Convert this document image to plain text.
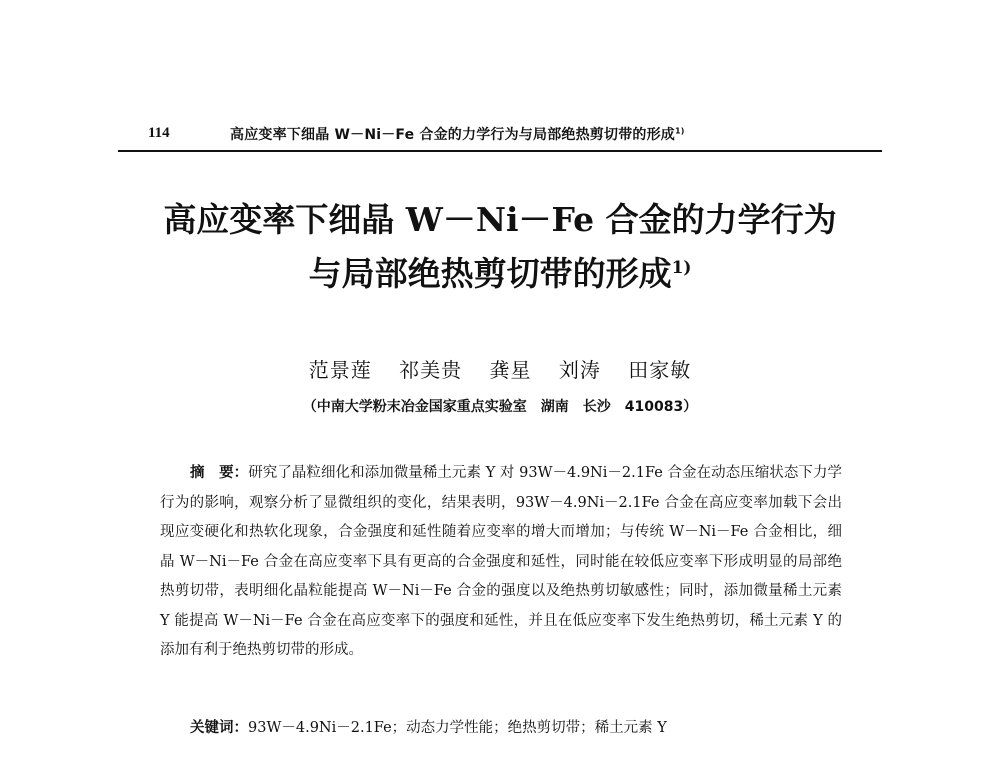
114	高应变率下细晶 W－Ni－Fe 合金的力学行为与局部绝热剪切带的形成$^{1)}$
高应变率下细晶 W－Ni－Fe 合金的力学行为
与局部绝热剪切带的形成$^{1)}$
范景莲 祁美贵 龚星 刘涛 田家敏
（中南大学粉末冶金国家重点实验室　湖南　长沙　410083）
摘　要：研究了晶粒细化和添加微量稀土元素 Y 对 93W－4.9Ni－2.1Fe 合金在动态压缩状态下力学行为的影响，观察分析了显微组织的变化，结果表明，93W－4.9Ni－2.1Fe 合金在高应变率加载下会出现应变硬化和热软化现象，合金强度和延性随着应变率的增大而增加；与传统 W－Ni－Fe 合金相比，细晶 W－Ni－Fe 合金在高应变率下具有更高的合金强度和延性，同时能在较低应变率下形成明显的局部绝热剪切带，表明细化晶粒能提高 W－Ni－Fe 合金的强度以及绝热剪切敏感性；同时，添加微量稀土元素 Y 能提高 W－Ni－Fe 合金在高应变率下的强度和延性，并且在低应变率下发生绝热剪切，稀土元素 Y 的添加有利于绝热剪切带的形成。
关键词：93W－4.9Ni－2.1Fe；动态力学性能；绝热剪切带；稀土元素 Y
